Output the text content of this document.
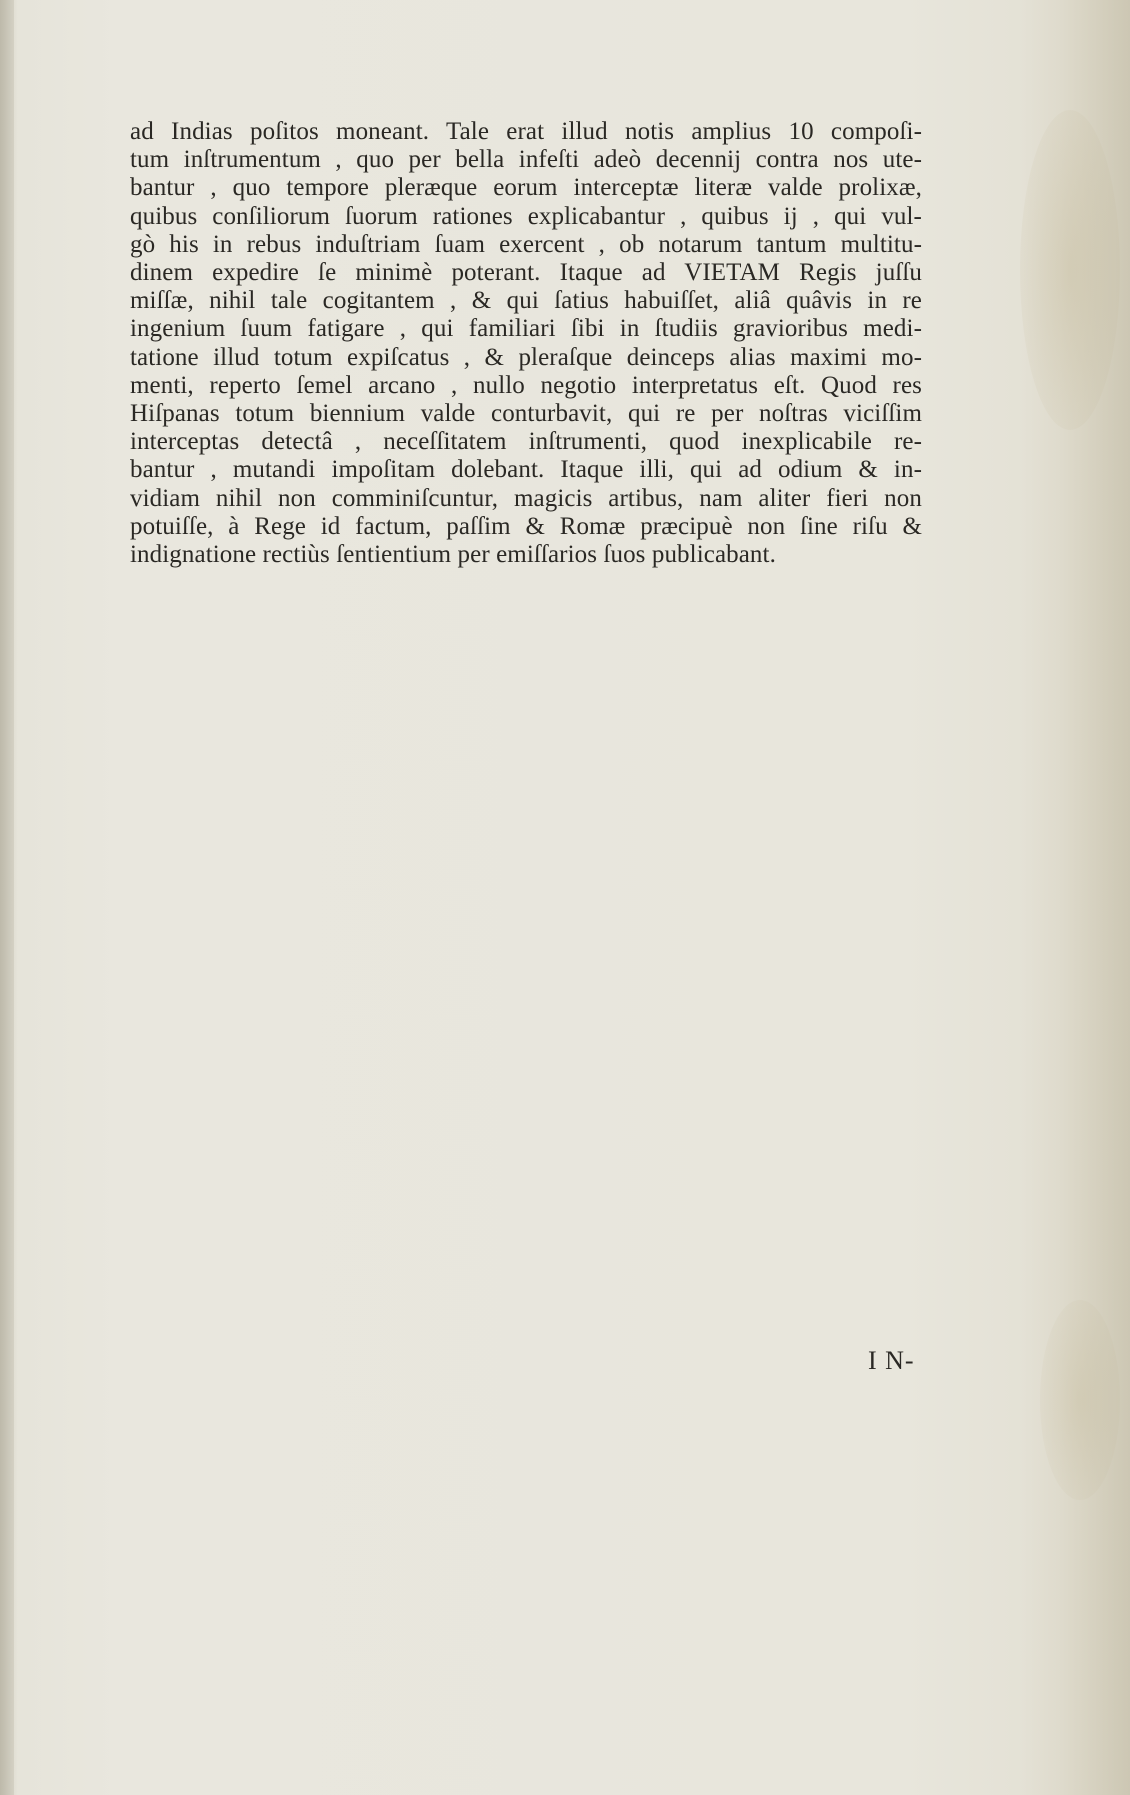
ad Indias poſitos moneant. Tale erat illud notis amplius 10 compoſi-
tum inſtrumentum , quo per bella infeſti adeò decennij contra nos ute-
bantur , quo tempore pleræque eorum interceptæ literæ valde prolixæ,
quibus conſiliorum ſuorum rationes explicabantur , quibus ij , qui vul-
gò his in rebus induſtriam ſuam exercent , ob notarum tantum multitu-
dinem expedire ſe minimè poterant. Itaque ad VIETAM Regis juſſu
miſſæ, nihil tale cogitantem , & qui ſatius habuiſſet, aliâ quâvis in re
ingenium ſuum fatigare , qui familiari ſibi in ſtudiis gravioribus medi-
tatione illud totum expiſcatus , & pleraſque deinceps alias maximi mo-
menti, reperto ſemel arcano , nullo negotio interpretatus eſt. Quod res
Hiſpanas totum biennium valde conturbavit, qui re per noſtras viciſſim
interceptas detectâ , neceſſitatem inſtrumenti, quod inexplicabile re-
bantur , mutandi impoſitam dolebant. Itaque illi, qui ad odium & in-
vidiam nihil non comminiſcuntur, magicis artibus, nam aliter fieri non
potuiſſe, à Rege id factum, paſſim & Romæ præcipuè non ſine riſu &
indignatione rectiùs ſentientium per emiſſarios ſuos publicabant.
I N-
